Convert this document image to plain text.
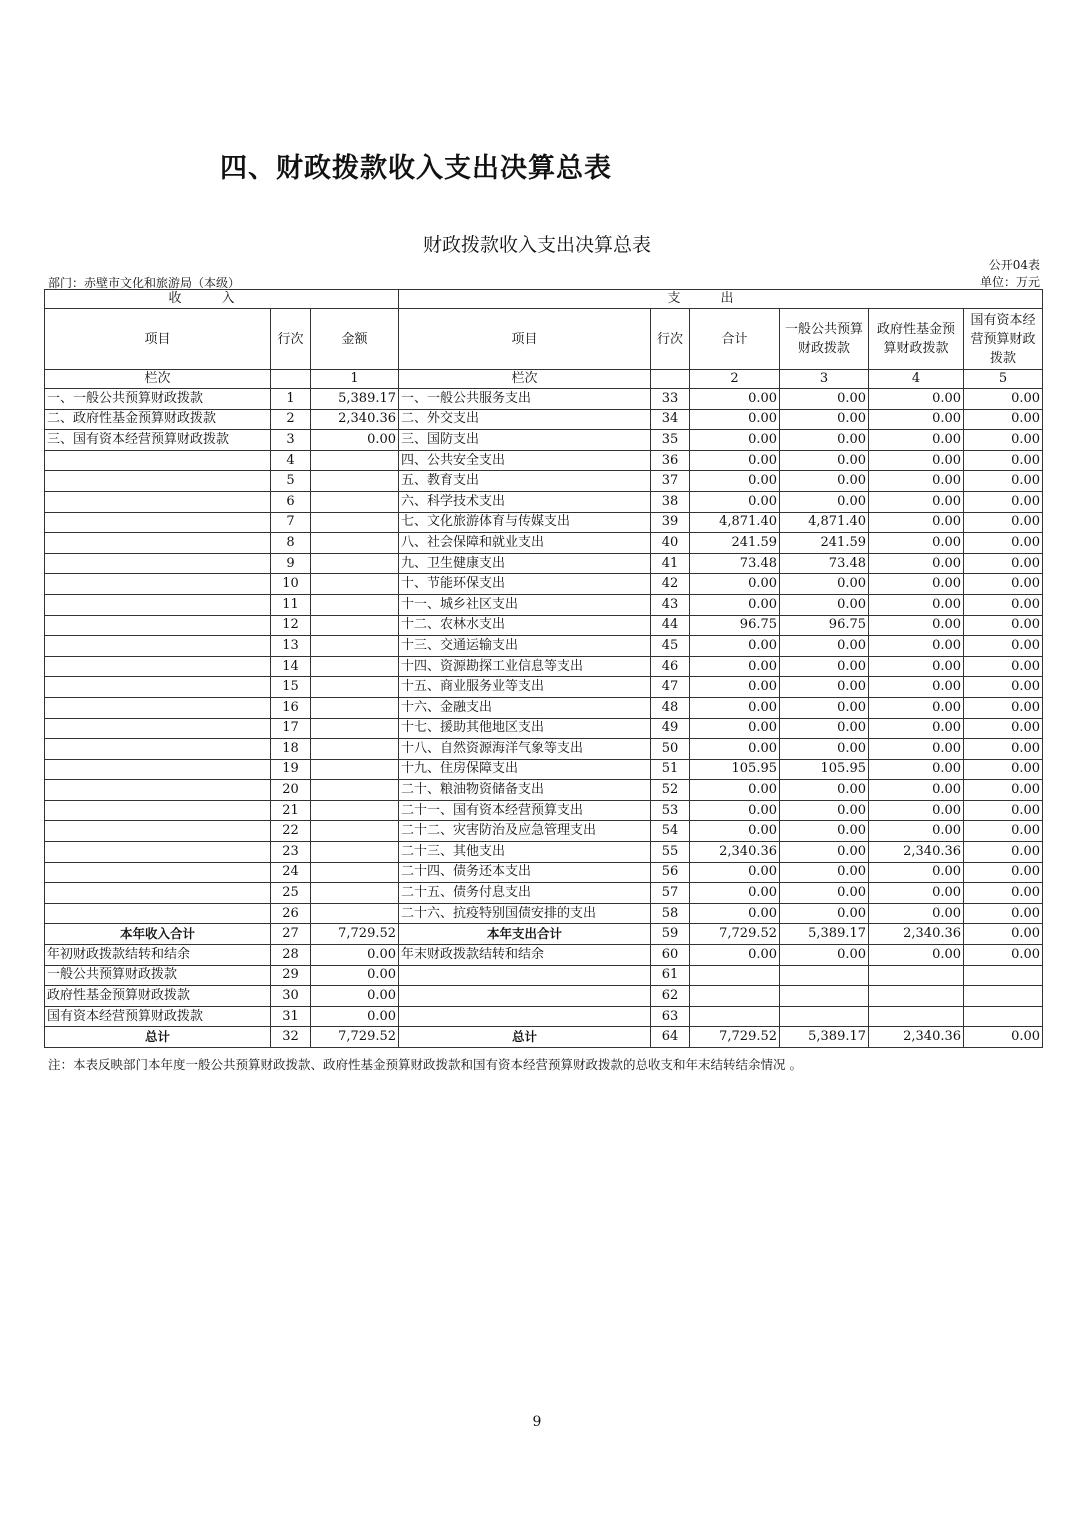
四、财政拨款收入支出决算总表
财政拨款收入支出决算总表
公开04表
部门：赤壁市文化和旅游局（本级）	单位：万元
收入			支出					
项目	行次	金额	项目	行次	合计	一般公共预算财政拨款	政府性基金预算财政拨款	国有资本经营预算财政拨款
栏次		1	栏次		2	3	4	5
一、一般公共预算财政拨款	1	5,389.17	一、一般公共服务支出	33	0.00	0.00	0.00	0.00
二、政府性基金预算财政拨款	2	2,340.36	二、外交支出	34	0.00	0.00	0.00	0.00
三、国有资本经营预算财政拨款	3	0.00	三、国防支出	35	0.00	0.00	0.00	0.00
	4		四、公共安全支出	36	0.00	0.00	0.00	0.00
	5		五、教育支出	37	0.00	0.00	0.00	0.00
	6		六、科学技术支出	38	0.00	0.00	0.00	0.00
	7		七、文化旅游体育与传媒支出	39	4,871.40	4,871.40	0.00	0.00
	8		八、社会保障和就业支出	40	241.59	241.59	0.00	0.00
	9		九、卫生健康支出	41	73.48	73.48	0.00	0.00
	10		十、节能环保支出	42	0.00	0.00	0.00	0.00
	11		十一、城乡社区支出	43	0.00	0.00	0.00	0.00
	12		十二、农林水支出	44	96.75	96.75	0.00	0.00
	13		十三、交通运输支出	45	0.00	0.00	0.00	0.00
	14		十四、资源勘探工业信息等支出	46	0.00	0.00	0.00	0.00
	15		十五、商业服务业等支出	47	0.00	0.00	0.00	0.00
	16		十六、金融支出	48	0.00	0.00	0.00	0.00
	17		十七、援助其他地区支出	49	0.00	0.00	0.00	0.00
	18		十八、自然资源海洋气象等支出	50	0.00	0.00	0.00	0.00
	19		十九、住房保障支出	51	105.95	105.95	0.00	0.00
	20		二十、粮油物资储备支出	52	0.00	0.00	0.00	0.00
	21		二十一、国有资本经营预算支出	53	0.00	0.00	0.00	0.00
	22		二十二、灾害防治及应急管理支出	54	0.00	0.00	0.00	0.00
	23		二十三、其他支出	55	2,340.36	0.00	2,340.36	0.00
	24		二十四、债务还本支出	56	0.00	0.00	0.00	0.00
	25		二十五、债务付息支出	57	0.00	0.00	0.00	0.00
	26		二十六、抗疫特别国债安排的支出	58	0.00	0.00	0.00	0.00
本年收入合计	27	7,729.52	本年支出合计	59	7,729.52	5,389.17	2,340.36	0.00
年初财政拨款结转和结余	28	0.00	年末财政拨款结转和结余	60	0.00	0.00	0.00	0.00
一般公共预算财政拨款	29	0.00		61				
政府性基金预算财政拨款	30	0.00		62				
国有资本经营预算财政拨款	31	0.00		63				
总计	32	7,729.52	总计	64	7,729.52	5,389.17	2,340.36	0.00
注：本表反映部门本年度一般公共预算财政拨款、政府性基金预算财政拨款和国有资本经营预算财政拨款的总收支和年末结转结余情况 。
9
